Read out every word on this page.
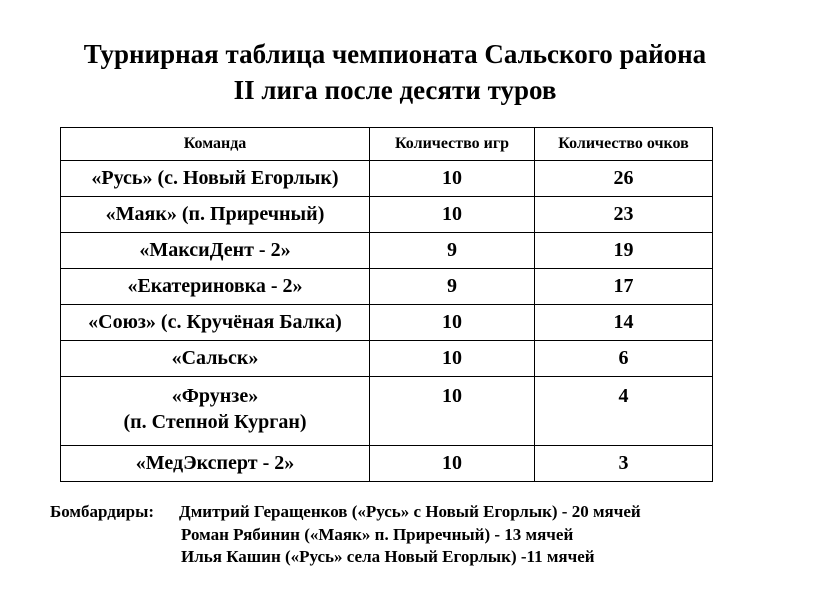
Турнирная таблица чемпионата Сальского района
II лига после десяти туров
Команда	Количество игр	Количество очков
«Русь» (с. Новый Егорлык)	10	26
«Маяк» (п. Приречный)	10	23
«МаксиДент - 2»	9	19
«Екатериновка - 2»	9	17
«Союз» (с. Кручёная Балка)	10	14
«Сальск»	10	6

«Фрунзе»
(п. Степной Курган)	10	4
«МедЭксперт - 2»	10	3
Бомбардиры: Дмитрий Геращенков («Русь» с Новый Егорлык) - 20 мячей
Роман Рябинин («Маяк» п. Приречный) - 13 мячей
Илья Кашин («Русь» села Новый Егорлык) -11 мячей
